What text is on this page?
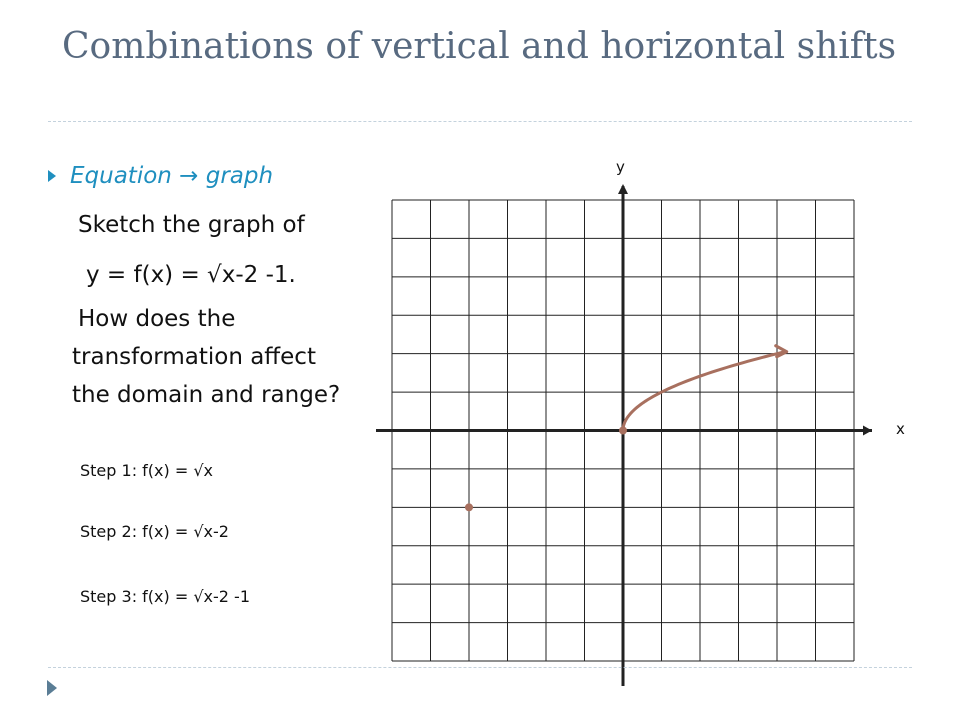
Combinations of vertical and horizontal shifts
Equation → graph
Sketch the graph of
y = f(x) = √x-2 -1.
How does the
transformation affect
the domain and range?
Step 1: f(x) = √x
Step 2: f(x) = √x-2
Step 3: f(x) = √x-2 -1
y
x
